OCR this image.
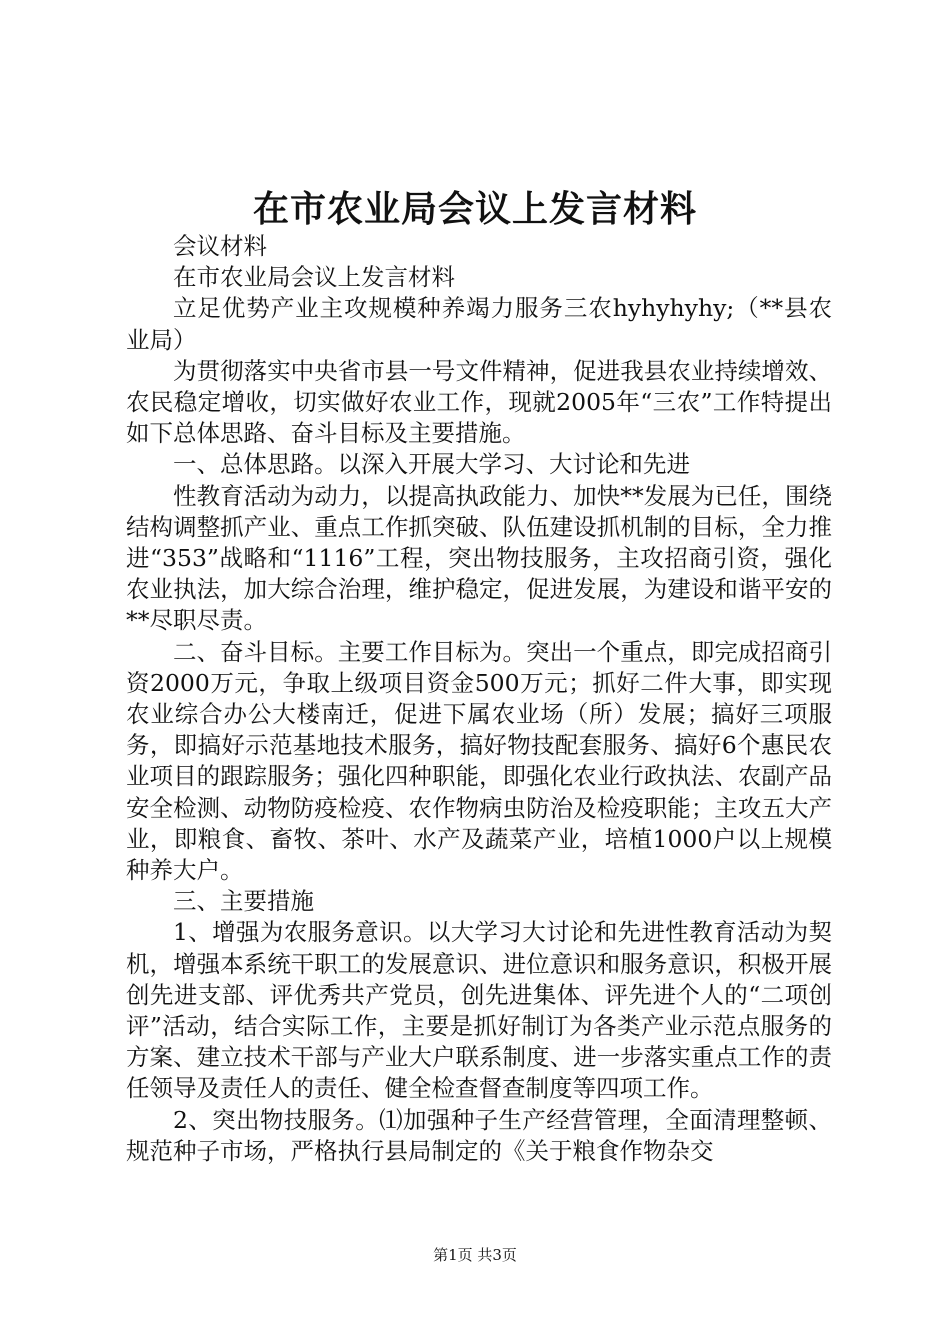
在市农业局会议上发言材料

会议材料

在市农业局会议上发言材料

立足优势产业主攻规模种养竭力服务三农hyhyhyhy;（**县农业局）

为贯彻落实中央省市县一号文件精神，促进我县农业持续增效、农民稳定增收，切实做好农业工作，现就2005年“三农”工作特提出如下总体思路、奋斗目标及主要措施。

一、总体思路。以深入开展大学习、大讨论和先进

性教育活动为动力，以提高执政能力、加快**发展为已任，围绕结构调整抓产业、重点工作抓突破、队伍建设抓机制的目标，全力推进“353”战略和“1116”工程，突出物技服务，主攻招商引资，强化农业执法，加大综合治理，维护稳定，促进发展，为建设和谐平安的**尽职尽责。

二、奋斗目标。主要工作目标为。突出一个重点，即完成招商引资2000万元，争取上级项目资金500万元；抓好二件大事，即实现农业综合办公大楼南迁，促进下属农业场（所）发展；搞好三项服务，即搞好示范基地技术服务，搞好物技配套服务、搞好6个惠民农业项目的跟踪服务；强化四种职能，即强化农业行政执法、农副产品安全检测、动物防疫检疫、农作物病虫防治及检疫职能；主攻五大产业，即粮食、畜牧、茶叶、水产及蔬菜产业，培植1000户以上规模种养大户。

三、主要措施

1、增强为农服务意识。以大学习大讨论和先进性教育活动为契机，增强本系统干职工的发展意识、进位意识和服务意识，积极开展创先进支部、评优秀共产党员，创先进集体、评先进个人的“二项创评”活动，结合实际工作，主要是抓好制订为各类产业示范点服务的方案、建立技术干部与产业大户联系制度、进一步落实重点工作的责任领导及责任人的责任、健全检查督查制度等四项工作。

2、突出物技服务。⑴加强种子生产经营管理，全面清理整顿、规范种子市场，严格执行县局制定的《关于粮食作物杂交

第1页 共3页
